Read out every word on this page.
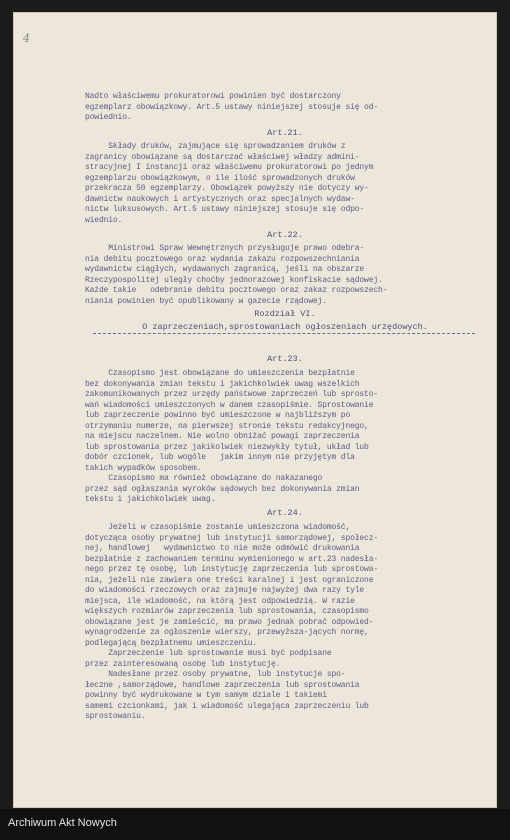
4
Nadto właściwemu prokuratorowi powinien być dostarczony
egzemplarz obowiązkowy. Art.5 ustawy niniejszej stosuje się od-
powiednio.
Art.21.
Składy druków, zajmujące się sprowadzaniem druków z
zagranicy obowiązane są dostarczać właściwej władzy admini-
stracyjnej I instancji oraz właściwemu prokuratorowi po jednym
egzemplarzu obowiązkowym, o ile ilość sprowadzonych druków
przekracza 50 egzemplarzy. Obowiązek powyższy nie dotyczy wy-
dawnictw naukowych i artystycznych oraz specjalnych wydaw-
nictw luksusowych. Art.5 ustawy niniejszej stosuje się odpo-
wiednio.
Art.22.
Ministrowi Spraw Wewnętrznych przysługuje prawo odebra-
nia debitu pocztowego oraz wydania zakazu rozpowszechniania
wydawnictw ciągłych, wydawanych zagranicą, jeśli na obszarze
Rzeczypospolitej uległy choćby jednorazowej konfiskacie sądowej.
Każde takie   odebranie debitu pocztowego oraz zakaz rozpowszech-
niania powinien być opublikowany w gazecie rządowej.
Rozdział VI.
O zaprzeczeniach,sprostowaniach ogłoszeniach urzędowych.
Art.23.
Czasopismo jest obowiązane do umieszczenia bezpłatnie
bez dokonywania zmian tekstu i jakichkolwiek uwag wszelkich
zakomunikowanych przez urzędy państwowe zaprzeczeń lub sprosto-
wań wiadomości umieszczonych w danem czasopiśmie. Sprostowanie
lub zaprzeczenie powinno być umieszczone w najbliższym po
otrzymaniu numerze, na pierwszej stronie tekstu redakcyjnego,
na miejscu naczelnem. Nie wolno obniżać powagi zaprzeczenia
lub sprostowania przez jakikolwiek niezwykły tytuł, układ lub
dobór czcionek, lub wogóle   jakim innym nie przyjętym dla
takich wypadków sposobem.
Czasopismo ma również obowiązane do nakazanego
przez sąd ogłaszania wyroków sądowych bez dokonywania zmian
tekstu i jakichkolwiek uwag.
Art.24.
Jeżeli w czasopiśmie zostanie umieszczona wiadomość,
dotycząca osoby prywatnej lub instytucji samorządowej, społecz-
nej, handlowej   wydawnictwo to nie może odmówić drukowania
bezpłatnie z zachowaniem terminu wymienionego w art.23 nadesła-
nego przez tę osobę, lub instytucję zaprzeczenia lub sprostowa-
nia, jeżeli nie zawiera one treści karalnej i jest ograniczone
do wiadomości rzeczowych oraz zajmuje najwyżej dwa razy tyle
miejsca, ile wiadomość, na którą jest odpowiedzią. W razie
większych rozmiarów zaprzeczenia lub sprostowania, czasopismo
obowiązane jest je zamieścić, ma prawo jednak pobrać odpowied-
wynagrodzenie za ogłoszenie wierszy, przewyższa-jących normę,
podlegającą bezpłatnemu umieszczeniu.
Zaprzeczenie lub sprostowanie musi być podpisane
przez zainteresowaną osobę lub instytucję.
Nadesłane przez osoby prywatne, lub instytucje spo-
łeczne ,samorządowe, handlowe zaprzeczenia lub sprostowania
powinny być wydrukowane w tym samym dziale i takiemi
samemi czcionkami, jak i wiadomość ulegająca zaprzeczeniu lub
sprostowaniu.
Archiwum Akt Nowych
